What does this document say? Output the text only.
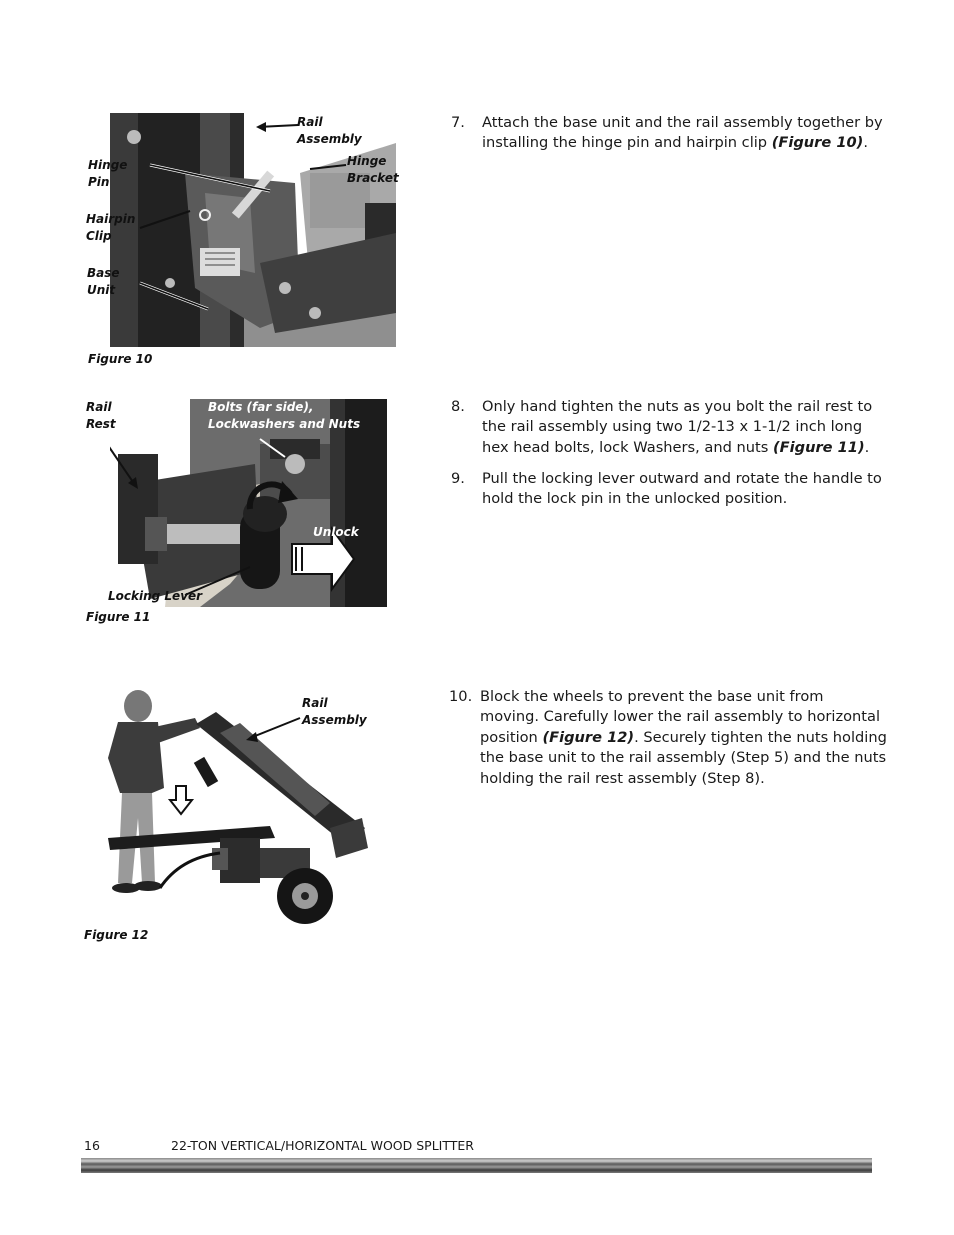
Rail
Assembly
Hinge
Pin
Hinge
Bracket
Hairpin
Clip
Base
Unit
Figure 10
Rail
Rest
Bolts (far side),
Lockwashers and Nuts
Unlock
Locking Lever
Figure 11
Rail
Assembly
Figure 12
7. Attach the base unit and the rail assembly together by
installing the hinge pin and hairpin clip (Figure 10).
8. Only hand tighten the nuts as you bolt the rail rest to
the rail assembly using two 1/2-13 x 1-1/2 inch long
hex head bolts, lock Washers, and nuts (Figure 11).
9. Pull the locking lever outward and rotate the handle to
hold the lock pin in the unlocked position.
10. Block the wheels to prevent the base unit from
moving. Carefully lower the rail assembly to horizontal
position (Figure 12). Securely tighten the nuts holding
the base unit to the rail assembly (Step 5) and the nuts
holding the rail rest assembly (Step 8).
16	22-TON VERTICAL/HORIZONTAL WOOD SPLITTER
